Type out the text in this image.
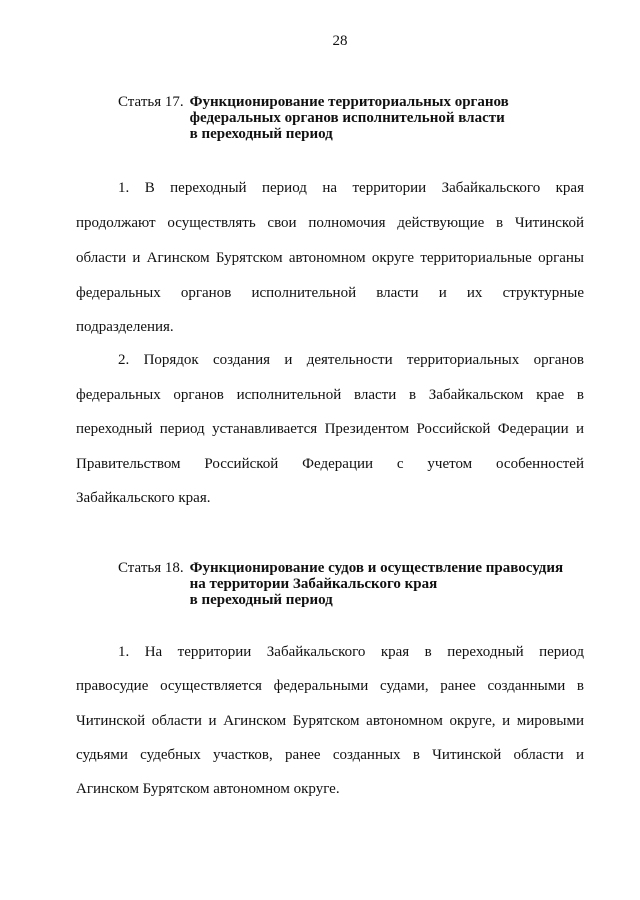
28
Статья 17. Функционирование территориальных органов
федеральных органов исполнительной власти
в переходный период
1. В переходный период на территории Забайкальского края
продолжают осуществлять свои полномочия действующие в Читинской
области и Агинском Бурятском автономном округе территориальные органы
федеральных органов исполнительной власти и их структурные
подразделения.
2. Порядок создания и деятельности территориальных органов
федеральных органов исполнительной власти в Забайкальском крае в
переходный период устанавливается Президентом Российской Федерации и
Правительством Российской Федерации с учетом особенностей
Забайкальского края.
Статья 18. Функционирование судов и осуществление правосудия
на территории Забайкальского края
в переходный период
1. На территории Забайкальского края в переходный период
правосудие осуществляется федеральными судами, ранее созданными в
Читинской области и Агинском Бурятском автономном округе, и мировыми
судьями судебных участков, ранее созданных в Читинской области и
Агинском Бурятском автономном округе.
